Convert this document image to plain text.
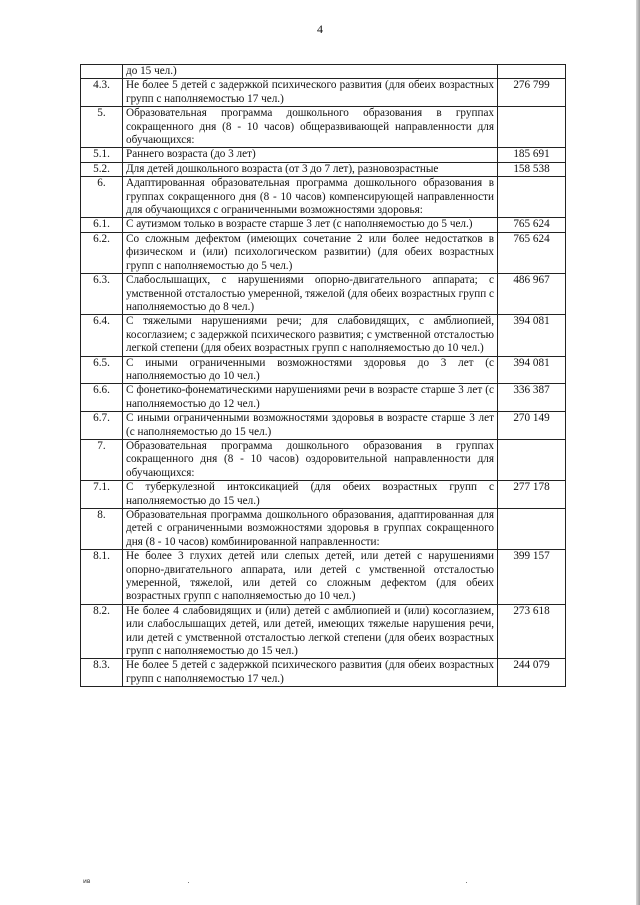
4
	до 15 чел.)	
4.3.	Не более 5 детей с задержкой психического развития (для обеих возрастных групп с наполняемостью 17 чел.)	276 799
5.	Образовательная программа дошкольного образования в группах сокращенного дня (8 - 10 часов) общеразвивающей направленности для обучающихся:	
5.1.	Раннего возраста (до 3 лет)	185 691
5.2.	Для детей дошкольного возраста (от 3 до 7 лет), разновозрастные	158 538
6.	Адаптированная образовательная программа дошкольного образования в группах сокращенного дня (8 - 10 часов) компенсирующей направленности для обучающихся с ограниченными возможностями здоровья:	
6.1.	С аутизмом только в возрасте старше 3 лет (с наполняемостью до 5 чел.)	765 624
6.2.	Со сложным дефектом (имеющих сочетание 2 или более недостатков в физическом и (или) психологическом развитии) (для обеих возрастных групп с наполняемостью до 5 чел.)	765 624
6.3.	Слабослышащих, с нарушениями опорно-двигательного аппарата; с умственной отсталостью умеренной, тяжелой (для обеих возрастных групп с наполняемостью до 8 чел.)	486 967
6.4.	С тяжелыми нарушениями речи; для слабовидящих, с амблиопией, косоглазием; с задержкой психического развития; с умственной отсталостью легкой степени (для обеих возрастных групп с наполняемостью до 10 чел.)	394 081
6.5.	С иными ограниченными возможностями здоровья до 3 лет (с наполняемостью до 10 чел.)	394 081
6.6.	С фонетико-фонематическими нарушениями речи в возрасте старше 3 лет (с наполняемостью до 12 чел.)	336 387
6.7.	С иными ограниченными возможностями здоровья в возрасте старше 3 лет (с наполняемостью до 15 чел.)	270 149
7.	Образовательная программа дошкольного образования в группах сокращенного дня (8 - 10 часов) оздоровительной направленности для обучающихся:	
7.1.	С туберкулезной интоксикацией (для обеих возрастных групп с наполняемостью до 15 чел.)	277 178
8.	Образовательная программа дошкольного образования, адаптированная для детей с ограниченными возможностями здоровья в группах сокращенного дня (8 - 10 часов) комбинированной направленности:	
8.1.	Не более 3 глухих детей или слепых детей, или детей с нарушениями опорно-двигательного аппарата, или детей с умственной отсталостью умеренной, тяжелой, или детей со сложным дефектом (для обеих возрастных групп с наполняемостью до 10 чел.)	399 157
8.2.	Не более 4 слабовидящих и (или) детей с амблиопией и (или) косоглазием, или слабослышащих детей, или детей, имеющих тяжелые нарушения речи, или детей с умственной отсталостью легкой степени (для обеих возрастных групп с наполняемостью до 15 чел.)	273 618
8.3.	Не более 5 детей с задержкой психического развития (для обеих возрастных групп с наполняемостью 17 чел.)	244 079
ив
